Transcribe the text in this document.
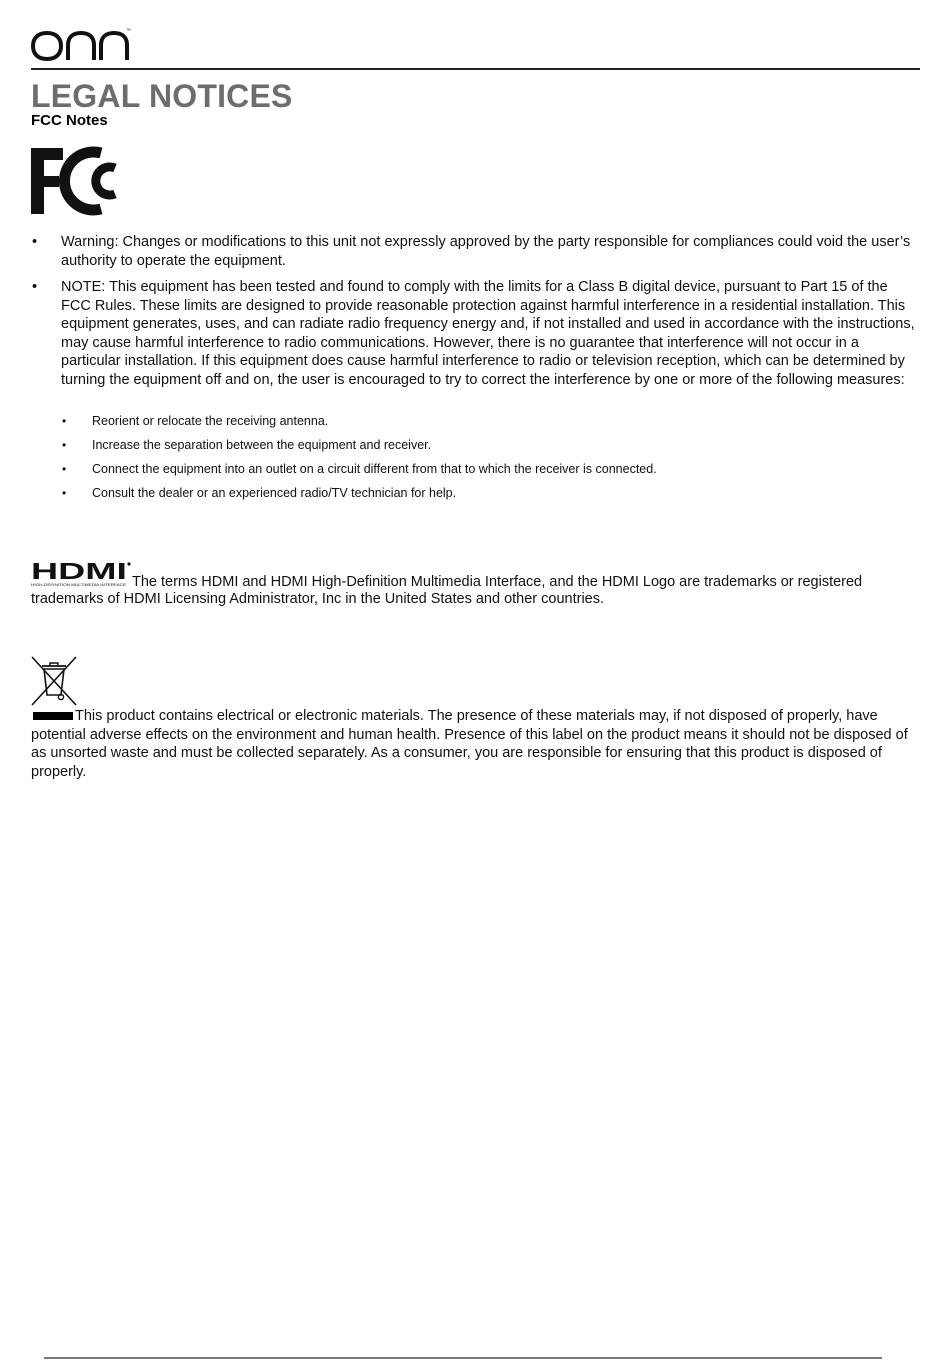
™
LEGAL NOTICES
FCC Notes
• Warning: Changes or modifications to this unit not expressly approved by the party responsible for compliances could void the user’s authority to operate the equipment.
• NOTE: This equipment has been tested and found to comply with the limits for a Class B digital device, pursuant to Part 15 of the FCC Rules. These limits are designed to provide reasonable protection against harmful interference in a residential installation. This equipment generates, uses, and can radiate radio frequency energy and, if not installed and used in accordance with the instructions, may cause harmful interference to radio communications. However, there is no guarantee that interference will not occur in a particular installation. If this equipment does cause harmful interference to radio or television reception, which can be determined by turning the equipment off and on, the user is encouraged to try to correct the interference by one or more of the following measures:
• Reorient or relocate the receiving antenna.
• Increase the separation between the equipment and receiver.
• Connect the equipment into an outlet on a circuit different from that to which the receiver is connected.
• Consult the dealer or an experienced radio/TV technician for help.
The terms HDMI and HDMI High-Definition Multimedia Interface, and the HDMI Logo are trademarks or registered trademarks of HDMI Licensing Administrator, Inc in the United States and other countries.
HDMI
HIGH-DEFINITION MULTIMEDIA INTERFACE
This product contains electrical or electronic materials. The presence of these materials may, if not disposed of properly, have potential adverse effects on the environment and human health. Presence of this label on the product means it should not be disposed of as unsorted waste and must be collected separately. As a consumer, you are responsible for ensuring that this product is disposed of properly.
